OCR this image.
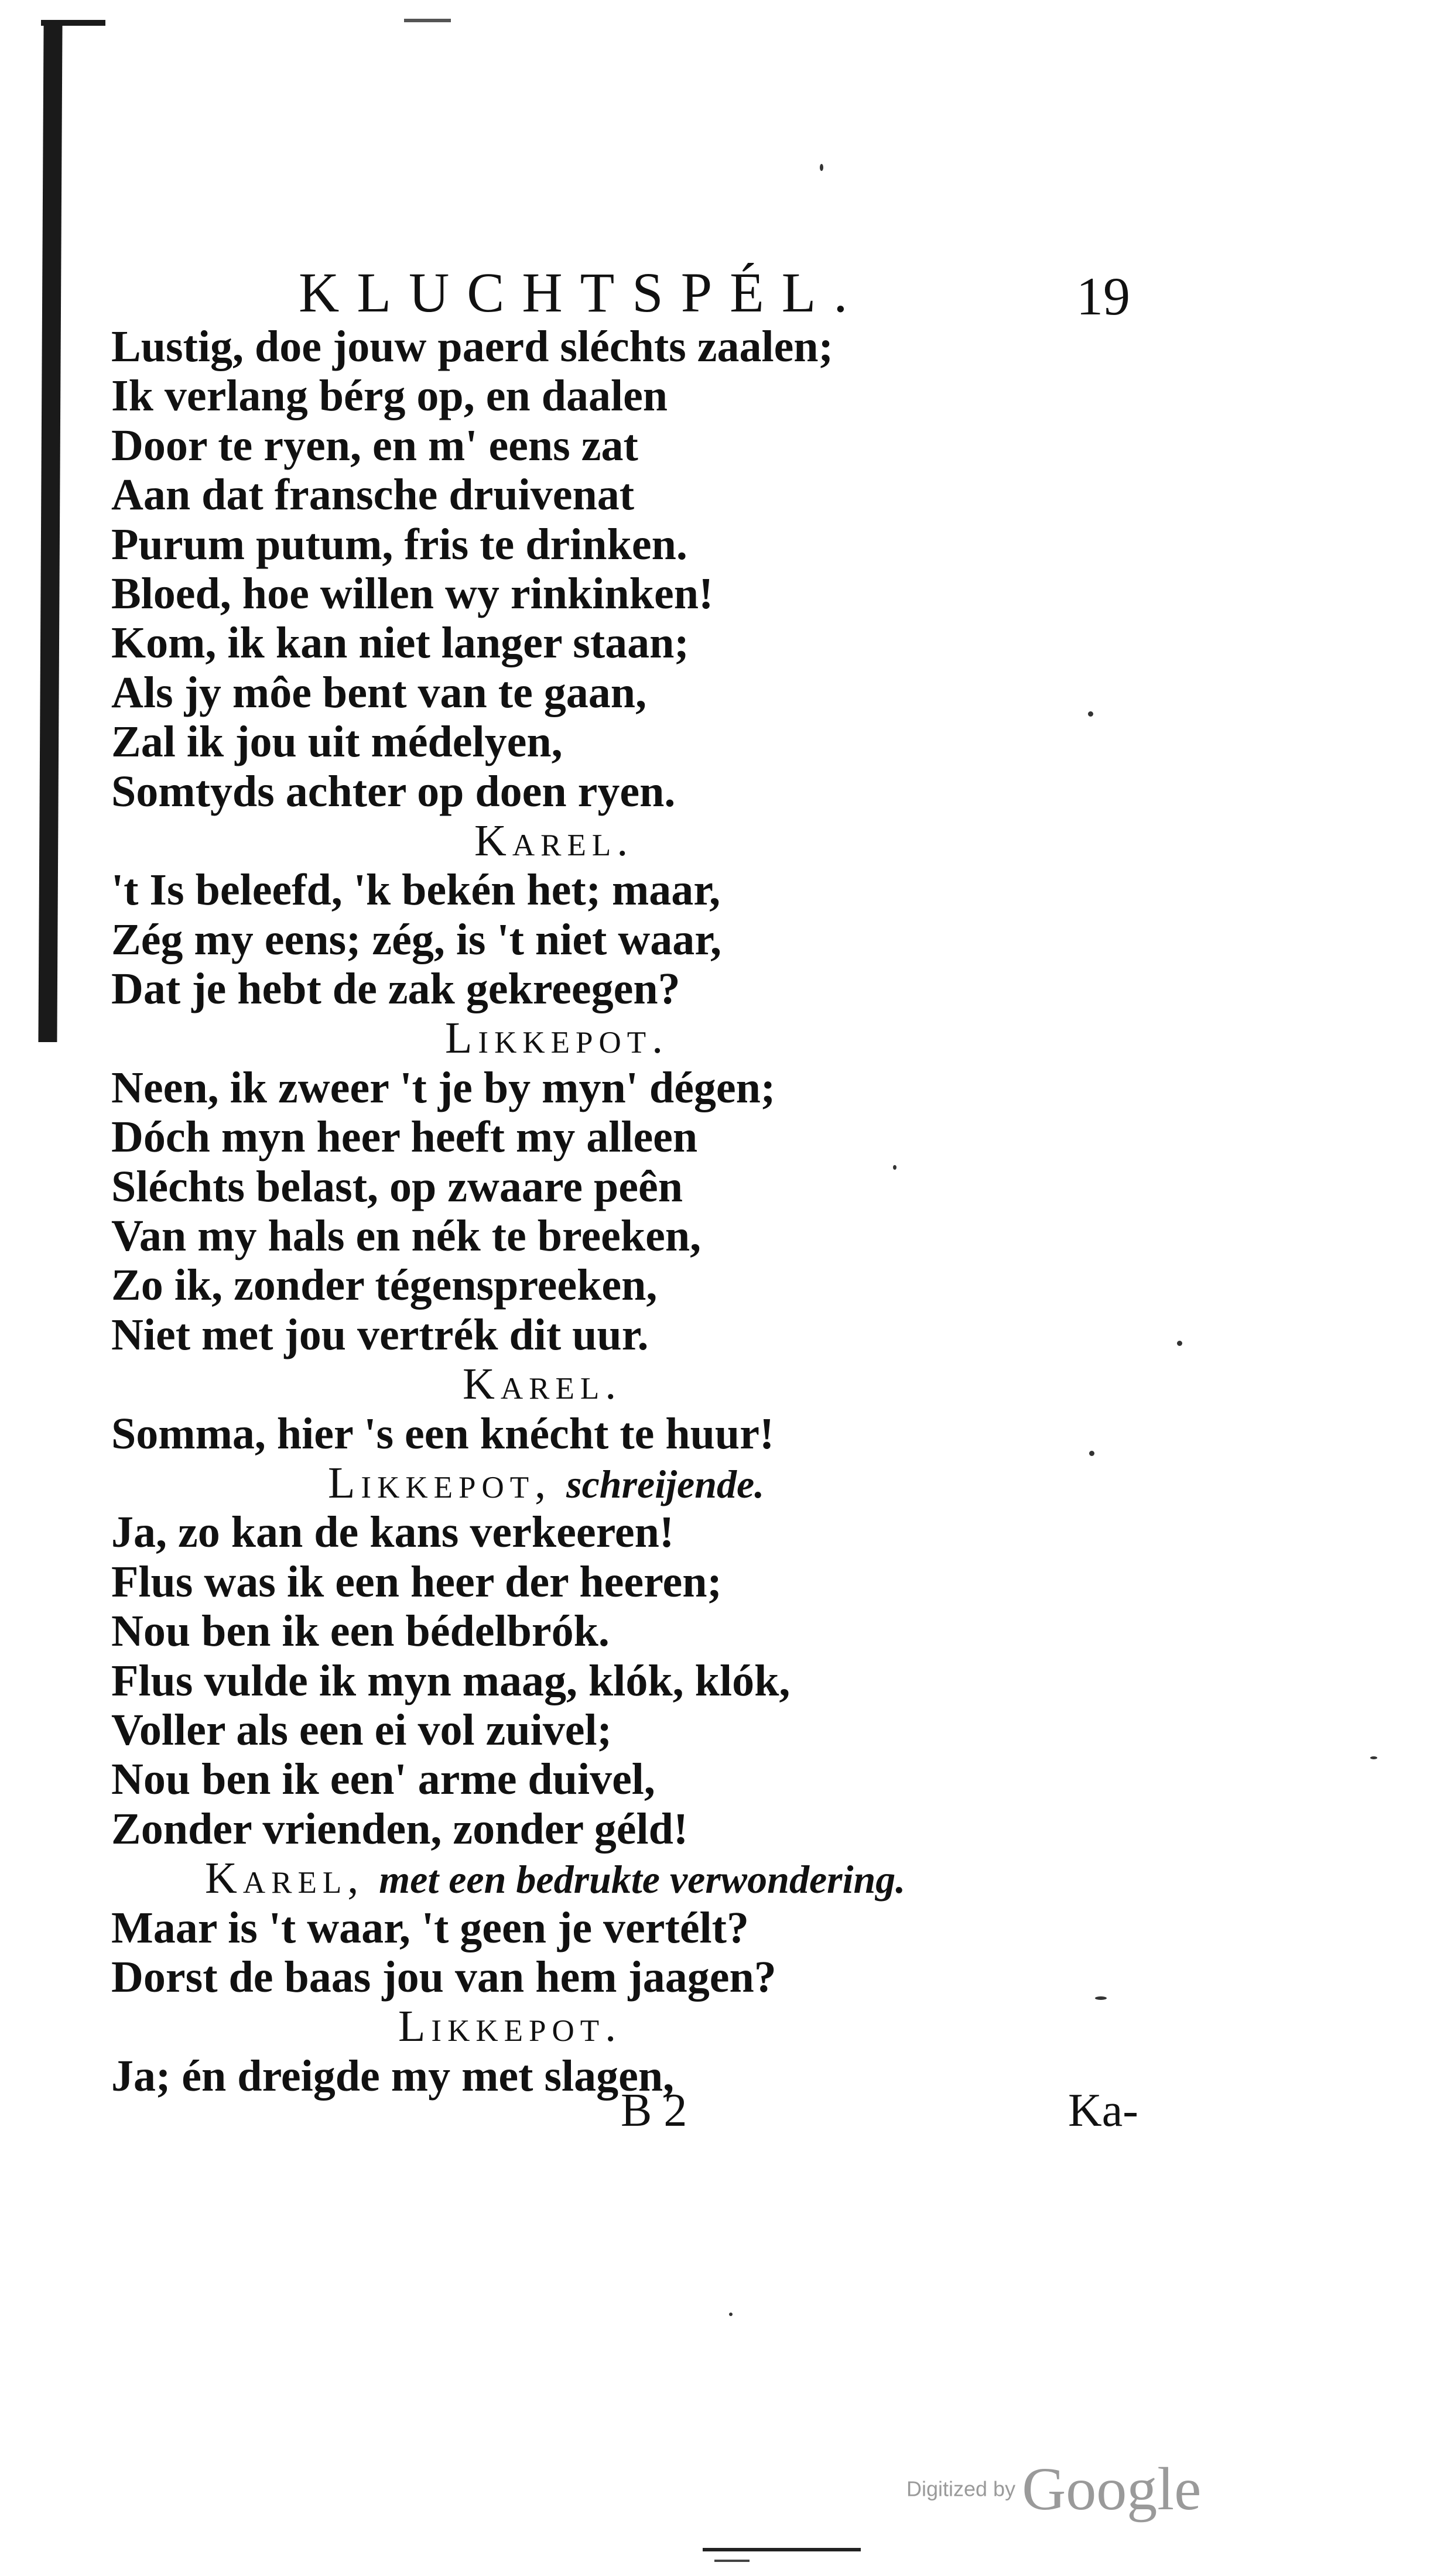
KLUCHTSPÉL.	19
Lustig, doe jouw paerd sléchts zaalen;
Ik verlang bérg op, en daalen
Door te ryen, en m' eens zat
Aan dat fransche druivenat
Purum putum, fris te drinken.
Bloed, hoe willen wy rinkinken!
Kom, ik kan niet langer staan;
Als jy môe bent van te gaan,
Zal ik jou uit médelyen,
Somtyds achter op doen ryen.
Karel.
't Is beleefd, 'k bekén het; maar,
Zég my eens; zég, is 't niet waar,
Dat je hebt de zak gekreegen?
Likkepot.
Neen, ik zweer 't je by myn' dégen;
Dóch myn heer heeft my alleen
Sléchts belast, op zwaare peên
Van my hals en nék te breeken,
Zo ik, zonder tégenspreeken,
Niet met jou vertrék dit uur.
Karel.
Somma, hier 's een knécht te huur!
Likkepot, schreijende.
Ja, zo kan de kans verkeeren!
Flus was ik een heer der heeren;
Nou ben ik een bédelbrók.
Flus vulde ik myn maag, klók, klók,
Voller als een ei vol zuivel;
Nou ben ik een' arme duivel,
Zonder vrienden, zonder géld!
Karel, met een bedrukte verwondering.
Maar is 't waar, 't geen je vertélt?
Dorst de baas jou van hem jaagen?
Likkepot.
Ja; én dreigde my met slagen,
B 2	Ka-
Digitized by Google
